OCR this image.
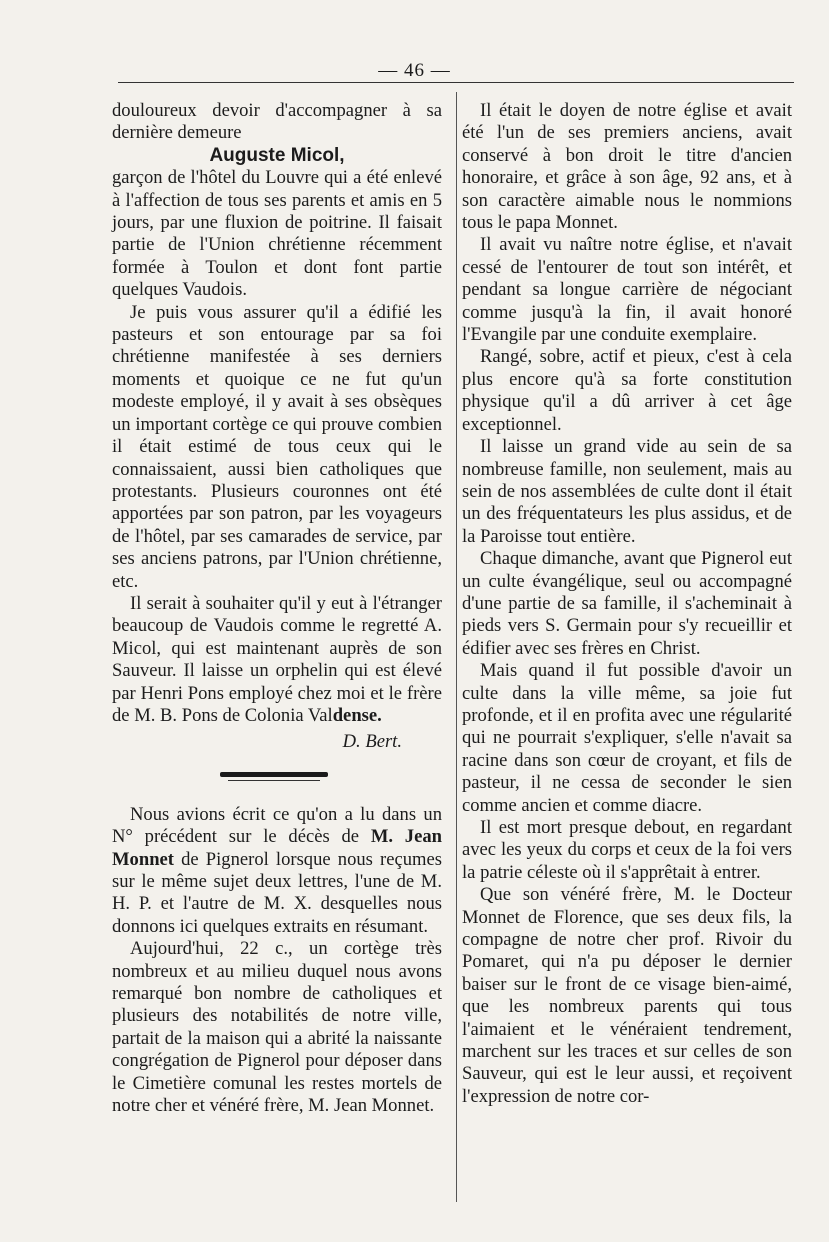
— 46 —

douloureux devoir d'accompagner à sa dernière demeure

Auguste Micol,

garçon de l'hôtel du Louvre qui a été enlevé à l'affection de tous ses parents et amis en 5 jours, par une fluxion de poitrine. Il faisait partie de l'Union chrétienne récemment formée à Toulon et dont font partie quelques Vaudois.

Je puis vous assurer qu'il a édifié les pasteurs et son entourage par sa foi chrétienne manifestée à ses derniers moments et quoique ce ne fut qu'un modeste employé, il y avait à ses obsèques un important cortège ce qui prouve combien il était estimé de tous ceux qui le connaissaient, aussi bien catholiques que protestants. Plusieurs couronnes ont été apportées par son patron, par les voyageurs de l'hôtel, par ses camarades de service, par ses anciens patrons, par l'Union chrétienne, etc.

Il serait à souhaiter qu'il y eut à l'étranger beaucoup de Vaudois comme le regretté A. Micol, qui est maintenant auprès de son Sauveur. Il laisse un orphelin qui est élevé par Henri Pons employé chez moi et le frère de M. B. Pons de Colonia Valdense.

D. Bert.

Nous avions écrit ce qu'on a lu dans un N° précédent sur le décès de M. Jean Monnet de Pignerol lorsque nous reçumes sur le même sujet deux lettres, l'une de M. H. P. et l'autre de M. X. desquelles nous donnons ici quelques extraits en résumant.

Aujourd'hui, 22 c., un cortège très nombreux et au milieu duquel nous avons remarqué bon nombre de catholiques et plusieurs des notabilités de notre ville, partait de la maison qui a abrité la naissante congrégation de Pignerol pour déposer dans le Cimetière comunal les restes mortels de notre cher et vénéré frère, M. Jean Monnet.

Il était le doyen de notre église et avait été l'un de ses premiers anciens, avait conservé à bon droit le titre d'ancien honoraire, et grâce à son âge, 92 ans, et à son caractère aimable nous le nommions tous le papa Monnet.

Il avait vu naître notre église, et n'avait cessé de l'entourer de tout son intérêt, et pendant sa longue carrière de négociant comme jusqu'à la fin, il avait honoré l'Evangile par une conduite exemplaire.

Rangé, sobre, actif et pieux, c'est à cela plus encore qu'à sa forte constitution physique qu'il a dû arriver à cet âge exceptionnel.

Il laisse un grand vide au sein de sa nombreuse famille, non seulement, mais au sein de nos assemblées de culte dont il était un des fréquentateurs les plus assidus, et de la Paroisse tout entière.

Chaque dimanche, avant que Pignerol eut un culte évangélique, seul ou accompagné d'une partie de sa famille, il s'acheminait à pieds vers S. Germain pour s'y recueillir et édifier avec ses frères en Christ.

Mais quand il fut possible d'avoir un culte dans la ville même, sa joie fut profonde, et il en profita avec une régularité qui ne pourrait s'expliquer, s'elle n'avait sa racine dans son cœur de croyant, et fils de pasteur, il ne cessa de seconder le sien comme ancien et comme diacre.

Il est mort presque debout, en regardant avec les yeux du corps et ceux de la foi vers la patrie céleste où il s'apprêtait à entrer.

Que son vénéré frère, M. le Docteur Monnet de Florence, que ses deux fils, la compagne de notre cher prof. Rivoir du Pomaret, qui n'a pu déposer le dernier baiser sur le front de ce visage bien-aimé, que les nombreux parents qui tous l'aimaient et le vénéraient tendrement, marchent sur les traces et sur celles de son Sauveur, qui est le leur aussi, et reçoivent l'expression de notre cor-
